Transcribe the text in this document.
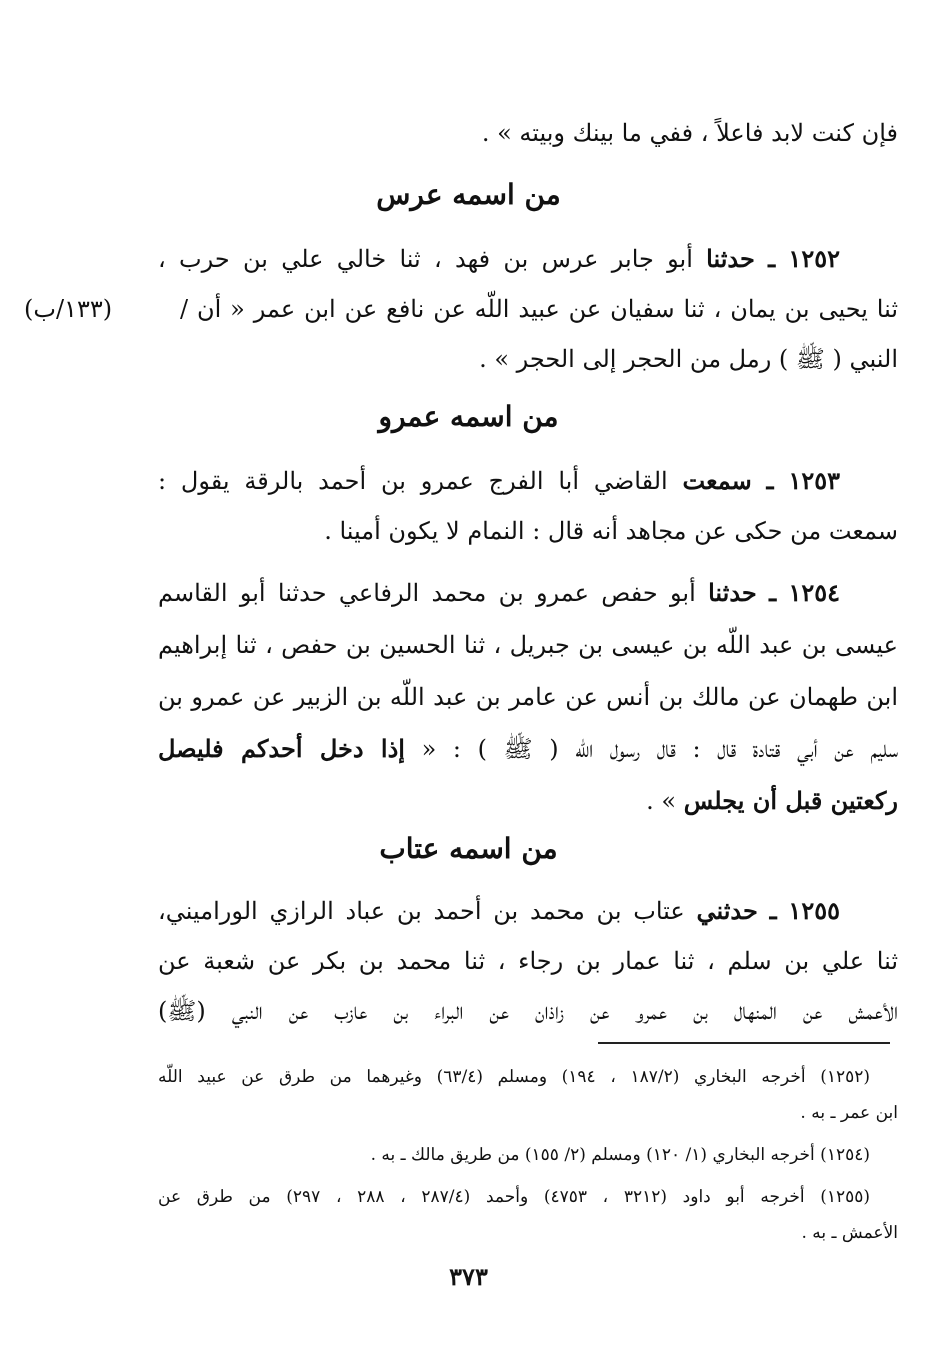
فإن كنت لابد فاعلاً ، ففي ما بينك وبيته » .
من اسمه عرس
١٢٥٢ ـ حدثنا أبو جابر عرس بن فهد ، ثنا خالي علي بن حرب ،
ثنا يحيى بن يمان ، ثنا سفيان عن عبيد اللّه عن نافع عن ابن عمر « أن /
(١٣٣/ب)
النبي ( ﷺ ) رمل من الحجر إلى الحجر » .
من اسمه عمرو
١٢٥٣ ـ سمعت القاضي أبا الفرج عمرو بن أحمد بالرقة يقول :
سمعت من حكى عن مجاهد أنه قال : النمام لا يكون أمينا .
١٢٥٤ ـ حدثنا أبو حفص عمرو بن محمد الرفاعي حدثنا أبو القاسم
عيسى بن عبد اللّه بن عيسى بن جبريل ، ثنا الحسين بن حفص ، ثنا إبراهيم
ابن طهمان عن مالك بن أنس عن عامر بن عبد اللّه بن الزبير عن عمرو بن
سليم عن أبي قتادة قال : قال رسول اللّه ( ﷺ ) : « إذا دخل أحدكم فليصل
ركعتين قبل أن يجلس » .
من اسمه عتاب
١٢٥٥ ـ حدثني عتاب بن محمد بن أحمد بن عباد الرازي الوراميني،
ثنا علي بن سلم ، ثنا عمار بن رجاء ، ثنا محمد بن بكر عن شعبة عن
الأعمش عن المنهال بن عمرو عن زاذان عن البراء بن عازب عن النبي (ﷺ)
(١٢٥٢) أخرجه البخاري (١٨٧/٢ ، ١٩٤) ومسلم (٦٣/٤) وغيرهما من طرق عن عبيد اللّه
ابن عمر ـ به .
(١٢٥٤) أخرجه البخاري (١/ ١٢٠) ومسلم (٢/ ١٥٥) من طريق مالك ـ به .
(١٢٥٥) أخرجه أبو داود (٣٢١٢ ، ٤٧٥٣) وأحمد (٢٨٧/٤ ، ٢٨٨ ، ٢٩٧) من طرق عن
الأعمش ـ به .
٣٧٣
